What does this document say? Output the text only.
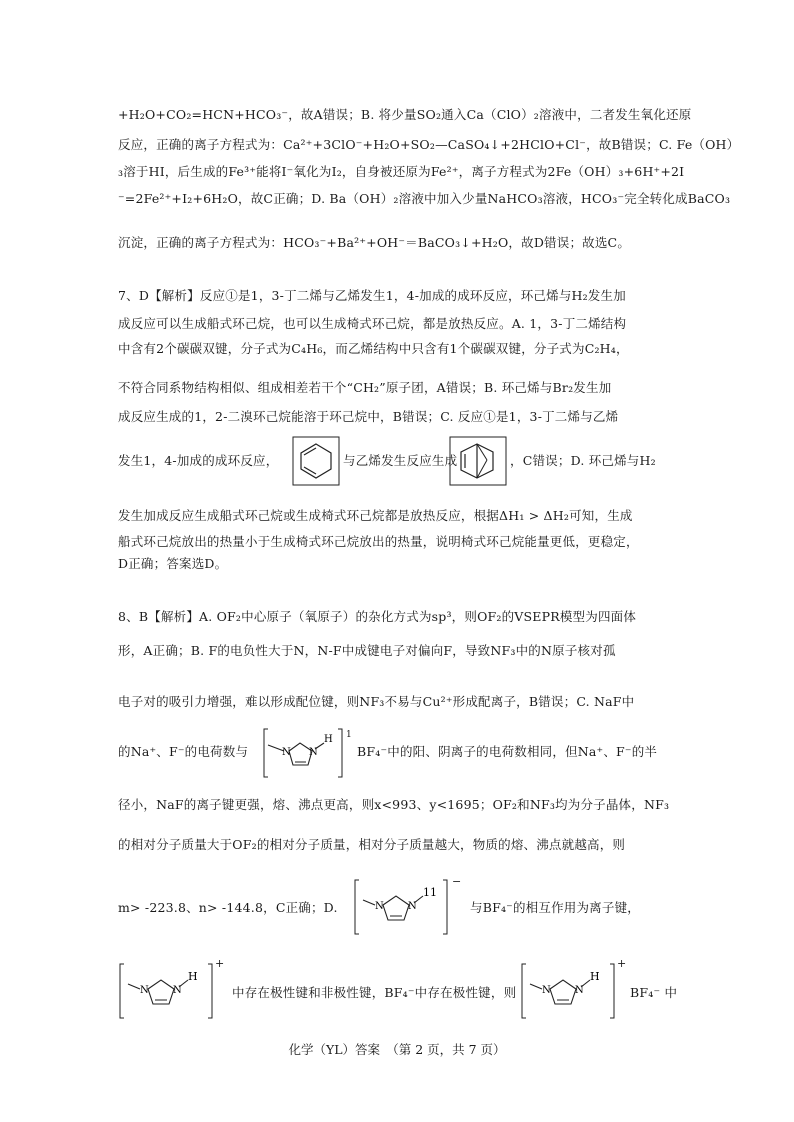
+H₂O+CO₂=HCN+HCO₃⁻，故A错误；B. 将少量SO₂通入Ca（ClO）₂溶液中，二者发生氧化还原
反应，正确的离子方程式为：Ca²⁺+3ClO⁻+H₂O+SO₂—CaSO₄↓+2HClO+Cl⁻，故B错误；C. Fe（OH）
₃溶于HI，后生成的Fe³⁺能将I⁻氧化为I₂，自身被还原为Fe²⁺，离子方程式为2Fe（OH）₃+6H⁺+2I
⁻=2Fe²⁺+I₂+6H₂O，故C正确；D. Ba（OH）₂溶液中加入少量NaHCO₃溶液，HCO₃⁻完全转化成BaCO₃
沉淀，正确的离子方程式为：HCO₃⁻+Ba²⁺+OH⁻＝BaCO₃↓+H₂O，故D错误；故选C。
7、D【解析】反应①是1，3-丁二烯与乙烯发生1，4-加成的成环反应，环己烯与H₂发生加
成反应可以生成船式环己烷，也可以生成椅式环己烷，都是放热反应。A. 1，3-丁二烯结构
中含有2个碳碳双键，分子式为C₄H₆，而乙烯结构中只含有1个碳碳双键，分子式为C₂H₄，
不符合同系物结构相似、组成相差若干个“CH₂”原子团，A错误；B. 环己烯与Br₂发生加
成反应生成的1，2-二溴环己烷能溶于环己烷中，B错误；C. 反应①是1，3-丁二烯与乙烯
发生1，4-加成的成环反应，	与乙烯发生反应生成	，C错误；D. 环己烯与H₂
发生加成反应生成船式环己烷或生成椅式环己烷都是放热反应，根据ΔH₁ > ΔH₂可知，生成
船式环己烷放出的热量小于生成椅式环己烷放出的热量，说明椅式环己烷能量更低，更稳定，
D正确；答案选D。
8、B【解析】A. OF₂中心原子（氧原子）的杂化方式为sp³，则OF₂的VSEPR模型为四面体
形，A正确；B. F的电负性大于N，N-F中成键电子对偏向F，导致NF₃中的N原子核对孤
电子对的吸引力增强，难以形成配位键，则NF₃不易与Cu²⁺形成配离子，B错误；C. NaF中
的Na⁺、F⁻的电荷数与	N N
H 1
BF₄⁻中的阳、阴离子的电荷数相同，但Na⁺、F⁻的半
径小，NaF的离子键更强，熔、沸点更高，则x<993、y<1695；OF₂和NF₃均为分子晶体，NF₃
的相对分子质量大于OF₂的相对分子质量，相对分子质量越大，物质的熔、沸点就越高，则
m> -223.8、n> -144.8，C正确；D.	N N
11
−
与BF₄⁻的相互作用为离子键，
N N
H
+
中存在极性键和非极性键，BF₄⁻中存在极性键，则	N N
H
+
BF₄⁻ 中
化学（YL）答案　（第 2 页，共 7 页）
